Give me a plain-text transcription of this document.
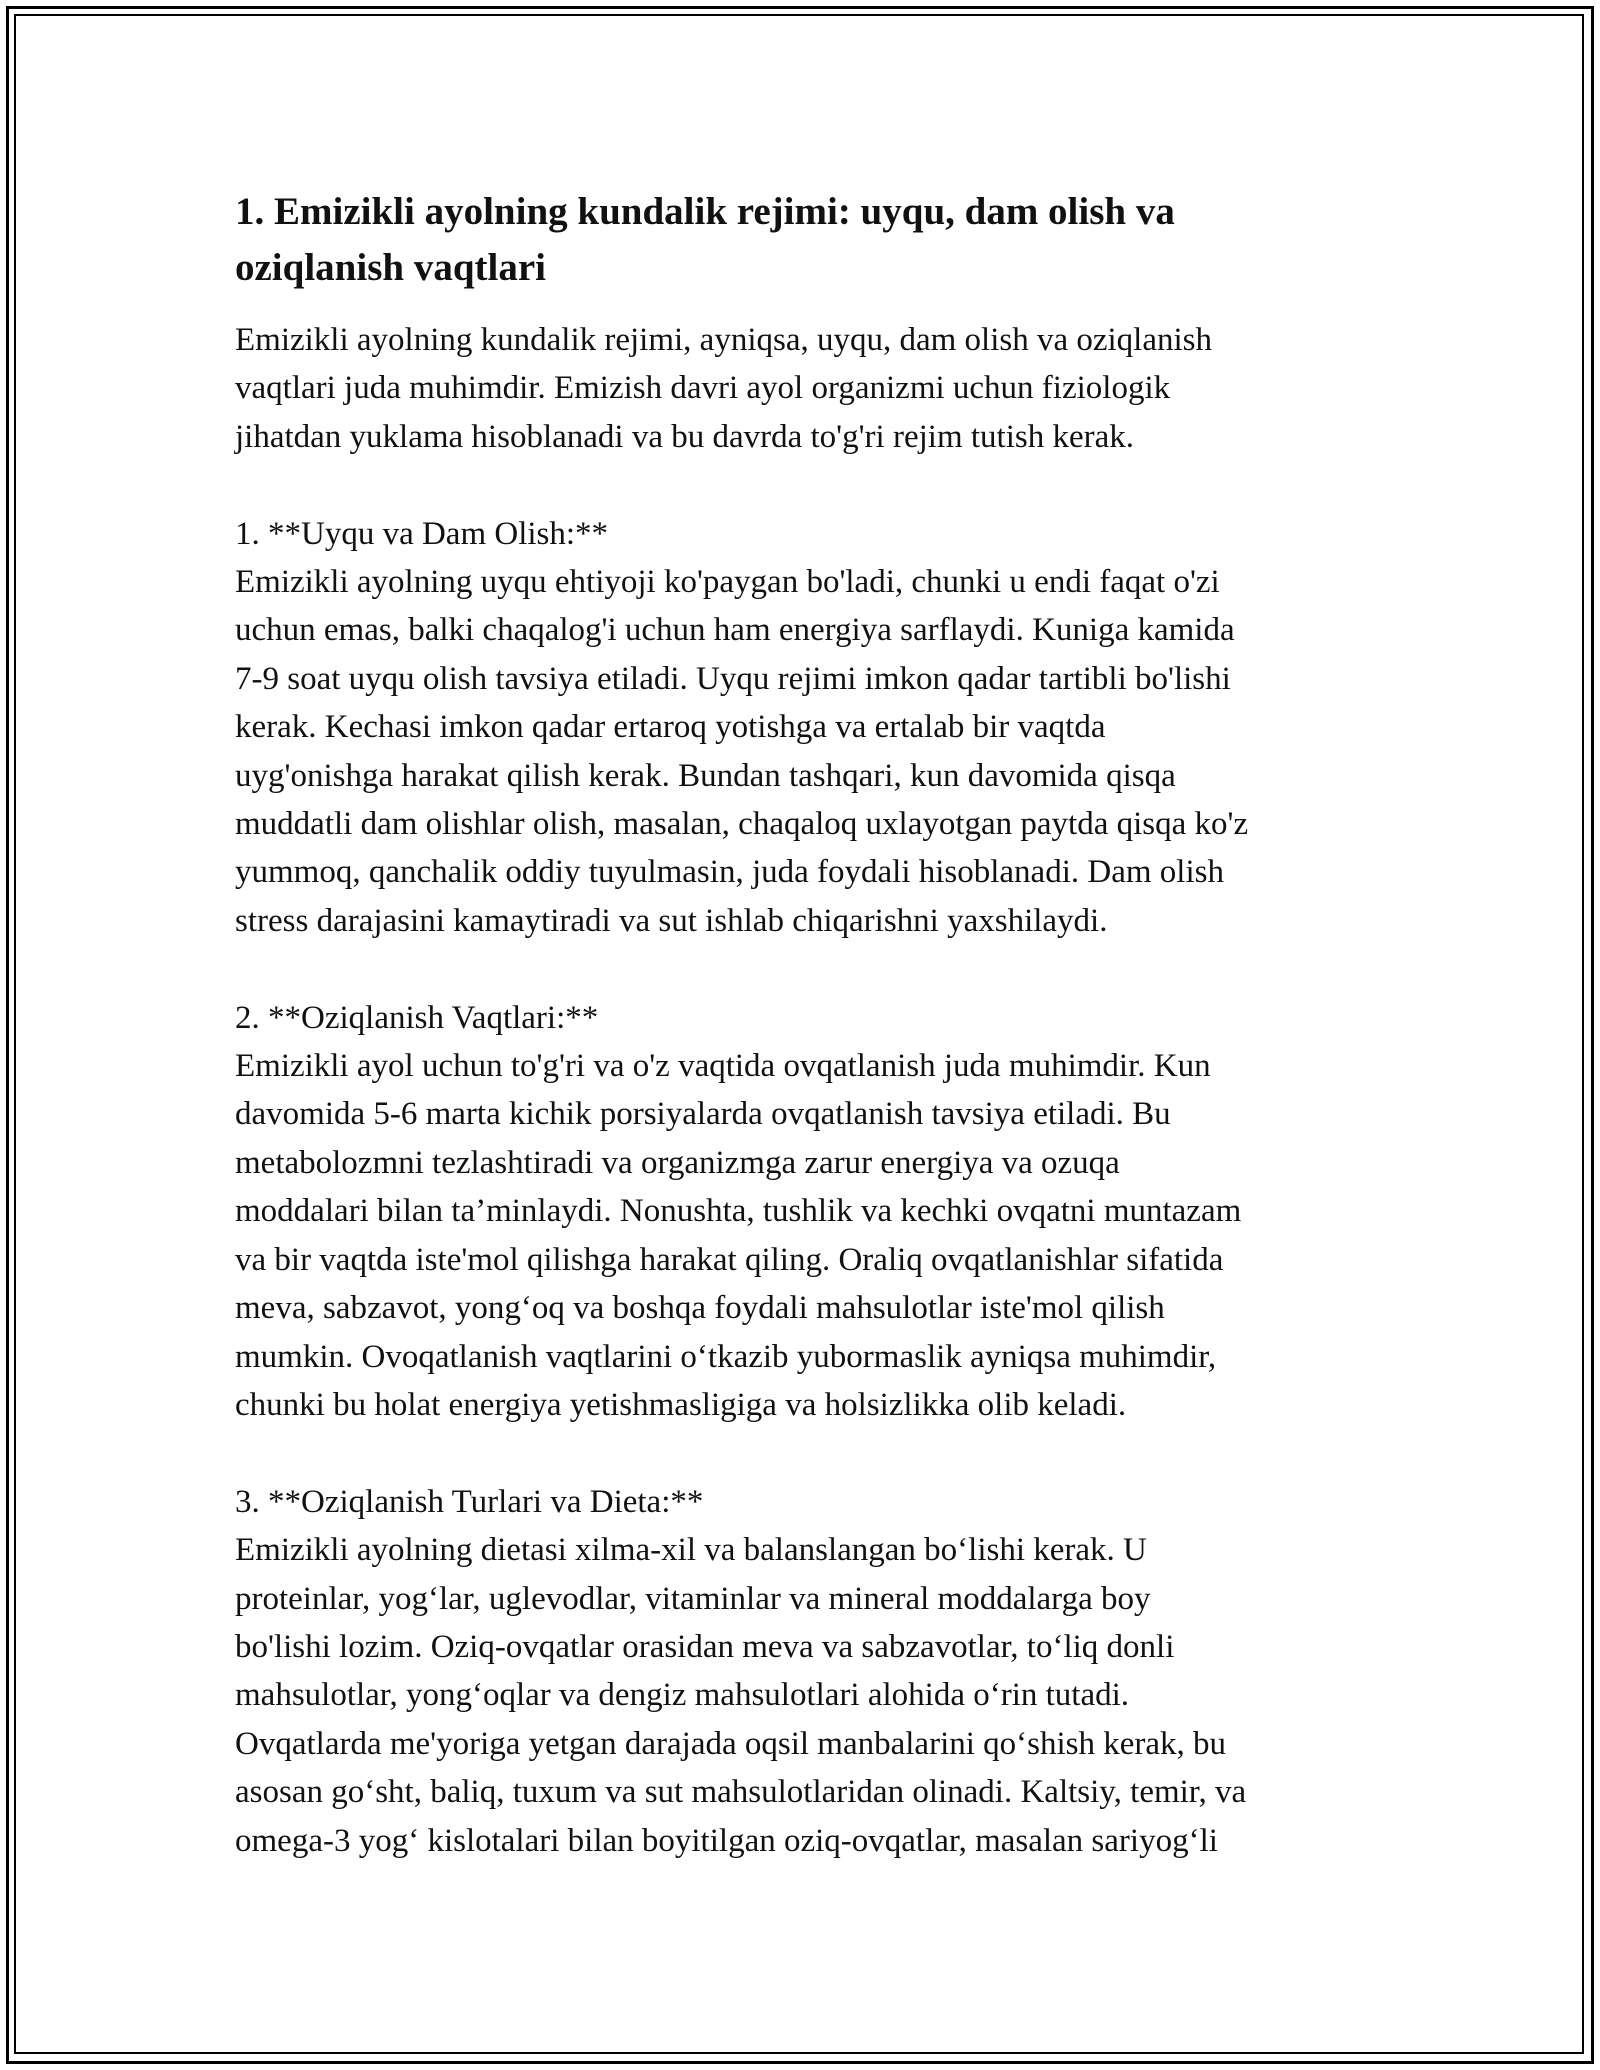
1. Emizikli ayolning kundalik rejimi: uyqu, dam olish va
oziqlanish vaqtlari

Emizikli ayolning kundalik rejimi, ayniqsa, uyqu, dam olish va oziqlanish
vaqtlari juda muhimdir. Emizish davri ayol organizmi uchun fiziologik
jihatdan yuklama hisoblanadi va bu davrda to'g'ri rejim tutish kerak.

1. **Uyqu va Dam Olish:**

Emizikli ayolning uyqu ehtiyoji ko'paygan bo'ladi, chunki u endi faqat o'zi
uchun emas, balki chaqalog'i uchun ham energiya sarflaydi. Kuniga kamida
7-9 soat uyqu olish tavsiya etiladi. Uyqu rejimi imkon qadar tartibli bo'lishi
kerak. Kechasi imkon qadar ertaroq yotishga va ertalab bir vaqtda
uyg'onishga harakat qilish kerak. Bundan tashqari, kun davomida qisqa
muddatli dam olishlar olish, masalan, chaqaloq uxlayotgan paytda qisqa ko'z
yummoq, qanchalik oddiy tuyulmasin, juda foydali hisoblanadi. Dam olish
stress darajasini kamaytiradi va sut ishlab chiqarishni yaxshilaydi.

2. **Oziqlanish Vaqtlari:**

Emizikli ayol uchun to'g'ri va o'z vaqtida ovqatlanish juda muhimdir. Kun
davomida 5-6 marta kichik porsiyalarda ovqatlanish tavsiya etiladi. Bu
metabolozmni tezlashtiradi va organizmga zarur energiya va ozuqa
moddalari bilan ta’minlaydi. Nonushta, tushlik va kechki ovqatni muntazam
va bir vaqtda iste'mol qilishga harakat qiling. Oraliq ovqatlanishlar sifatida
meva, sabzavot, yong‘oq va boshqa foydali mahsulotlar iste'mol qilish
mumkin. Ovoqatlanish vaqtlarini o‘tkazib yubormaslik ayniqsa muhimdir,
chunki bu holat energiya yetishmasligiga va holsizlikka olib keladi.

3. **Oziqlanish Turlari va Dieta:**

Emizikli ayolning dietasi xilma-xil va balanslangan bo‘lishi kerak. U
proteinlar, yog‘lar, uglevodlar, vitaminlar va mineral moddalarga boy
bo'lishi lozim. Oziq-ovqatlar orasidan meva va sabzavotlar, to‘liq donli
mahsulotlar, yong‘oqlar va dengiz mahsulotlari alohida o‘rin tutadi.
Ovqatlarda me'yoriga yetgan darajada oqsil manbalarini qo‘shish kerak, bu
asosan go‘sht, baliq, tuxum va sut mahsulotlaridan olinadi. Kaltsiy, temir, va
omega-3 yog‘ kislotalari bilan boyitilgan oziq-ovqatlar, masalan sariyog‘li
